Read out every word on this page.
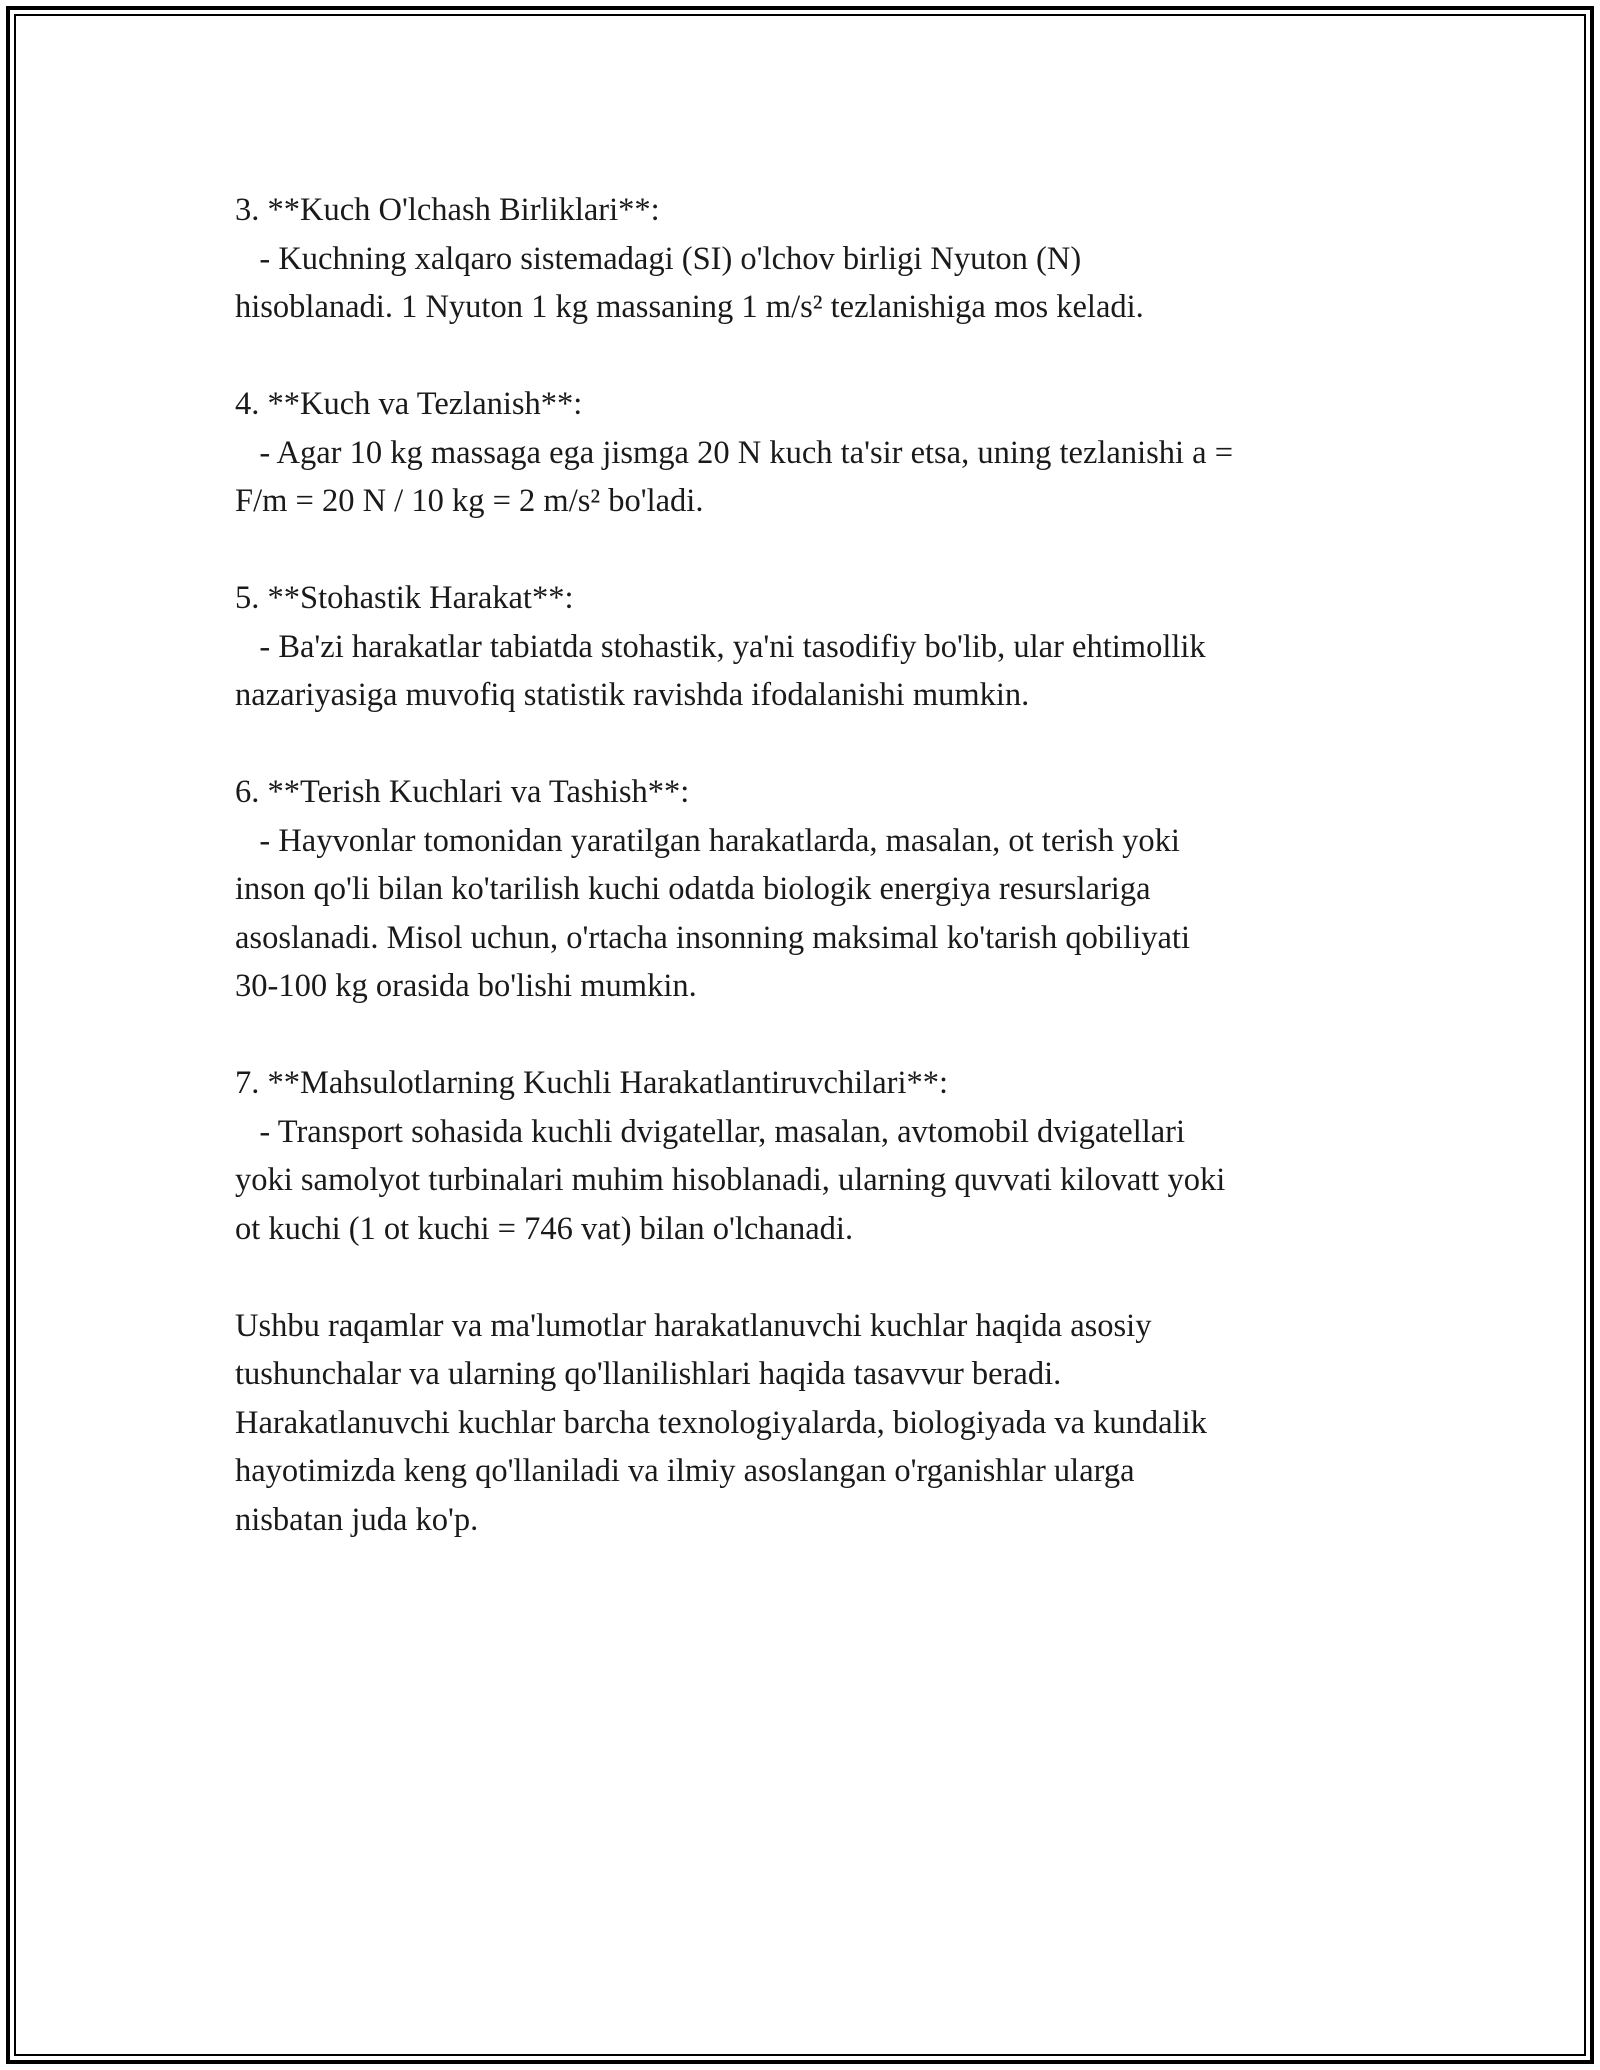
3. **Kuch O'lchash Birliklari**:
- Kuchning xalqaro sistemadagi (SI) o'lchov birligi Nyuton (N)
hisoblanadi. 1 Nyuton 1 kg massaning 1 m/s² tezlanishiga mos keladi.
4. **Kuch va Tezlanish**:
- Agar 10 kg massaga ega jismga 20 N kuch ta'sir etsa, uning tezlanishi a =
F/m = 20 N / 10 kg = 2 m/s² bo'ladi.
5. **Stohastik Harakat**:
- Ba'zi harakatlar tabiatda stohastik, ya'ni tasodifiy bo'lib, ular ehtimollik
nazariyasiga muvofiq statistik ravishda ifodalanishi mumkin.
6. **Terish Kuchlari va Tashish**:
- Hayvonlar tomonidan yaratilgan harakatlarda, masalan, ot terish yoki
inson qo'li bilan ko'tarilish kuchi odatda biologik energiya resurslariga
asoslanadi. Misol uchun, o'rtacha insonning maksimal ko'tarish qobiliyati
30-100 kg orasida bo'lishi mumkin.
7. **Mahsulotlarning Kuchli Harakatlantiruvchilari**:
- Transport sohasida kuchli dvigatellar, masalan, avtomobil dvigatellari
yoki samolyot turbinalari muhim hisoblanadi, ularning quvvati kilovatt yoki
ot kuchi (1 ot kuchi = 746 vat) bilan o'lchanadi.
Ushbu raqamlar va ma'lumotlar harakatlanuvchi kuchlar haqida asosiy
tushunchalar va ularning qo'llanilishlari haqida tasavvur beradi.
Harakatlanuvchi kuchlar barcha texnologiyalarda, biologiyada va kundalik
hayotimizda keng qo'llaniladi va ilmiy asoslangan o'rganishlar ularga
nisbatan juda ko'p.
